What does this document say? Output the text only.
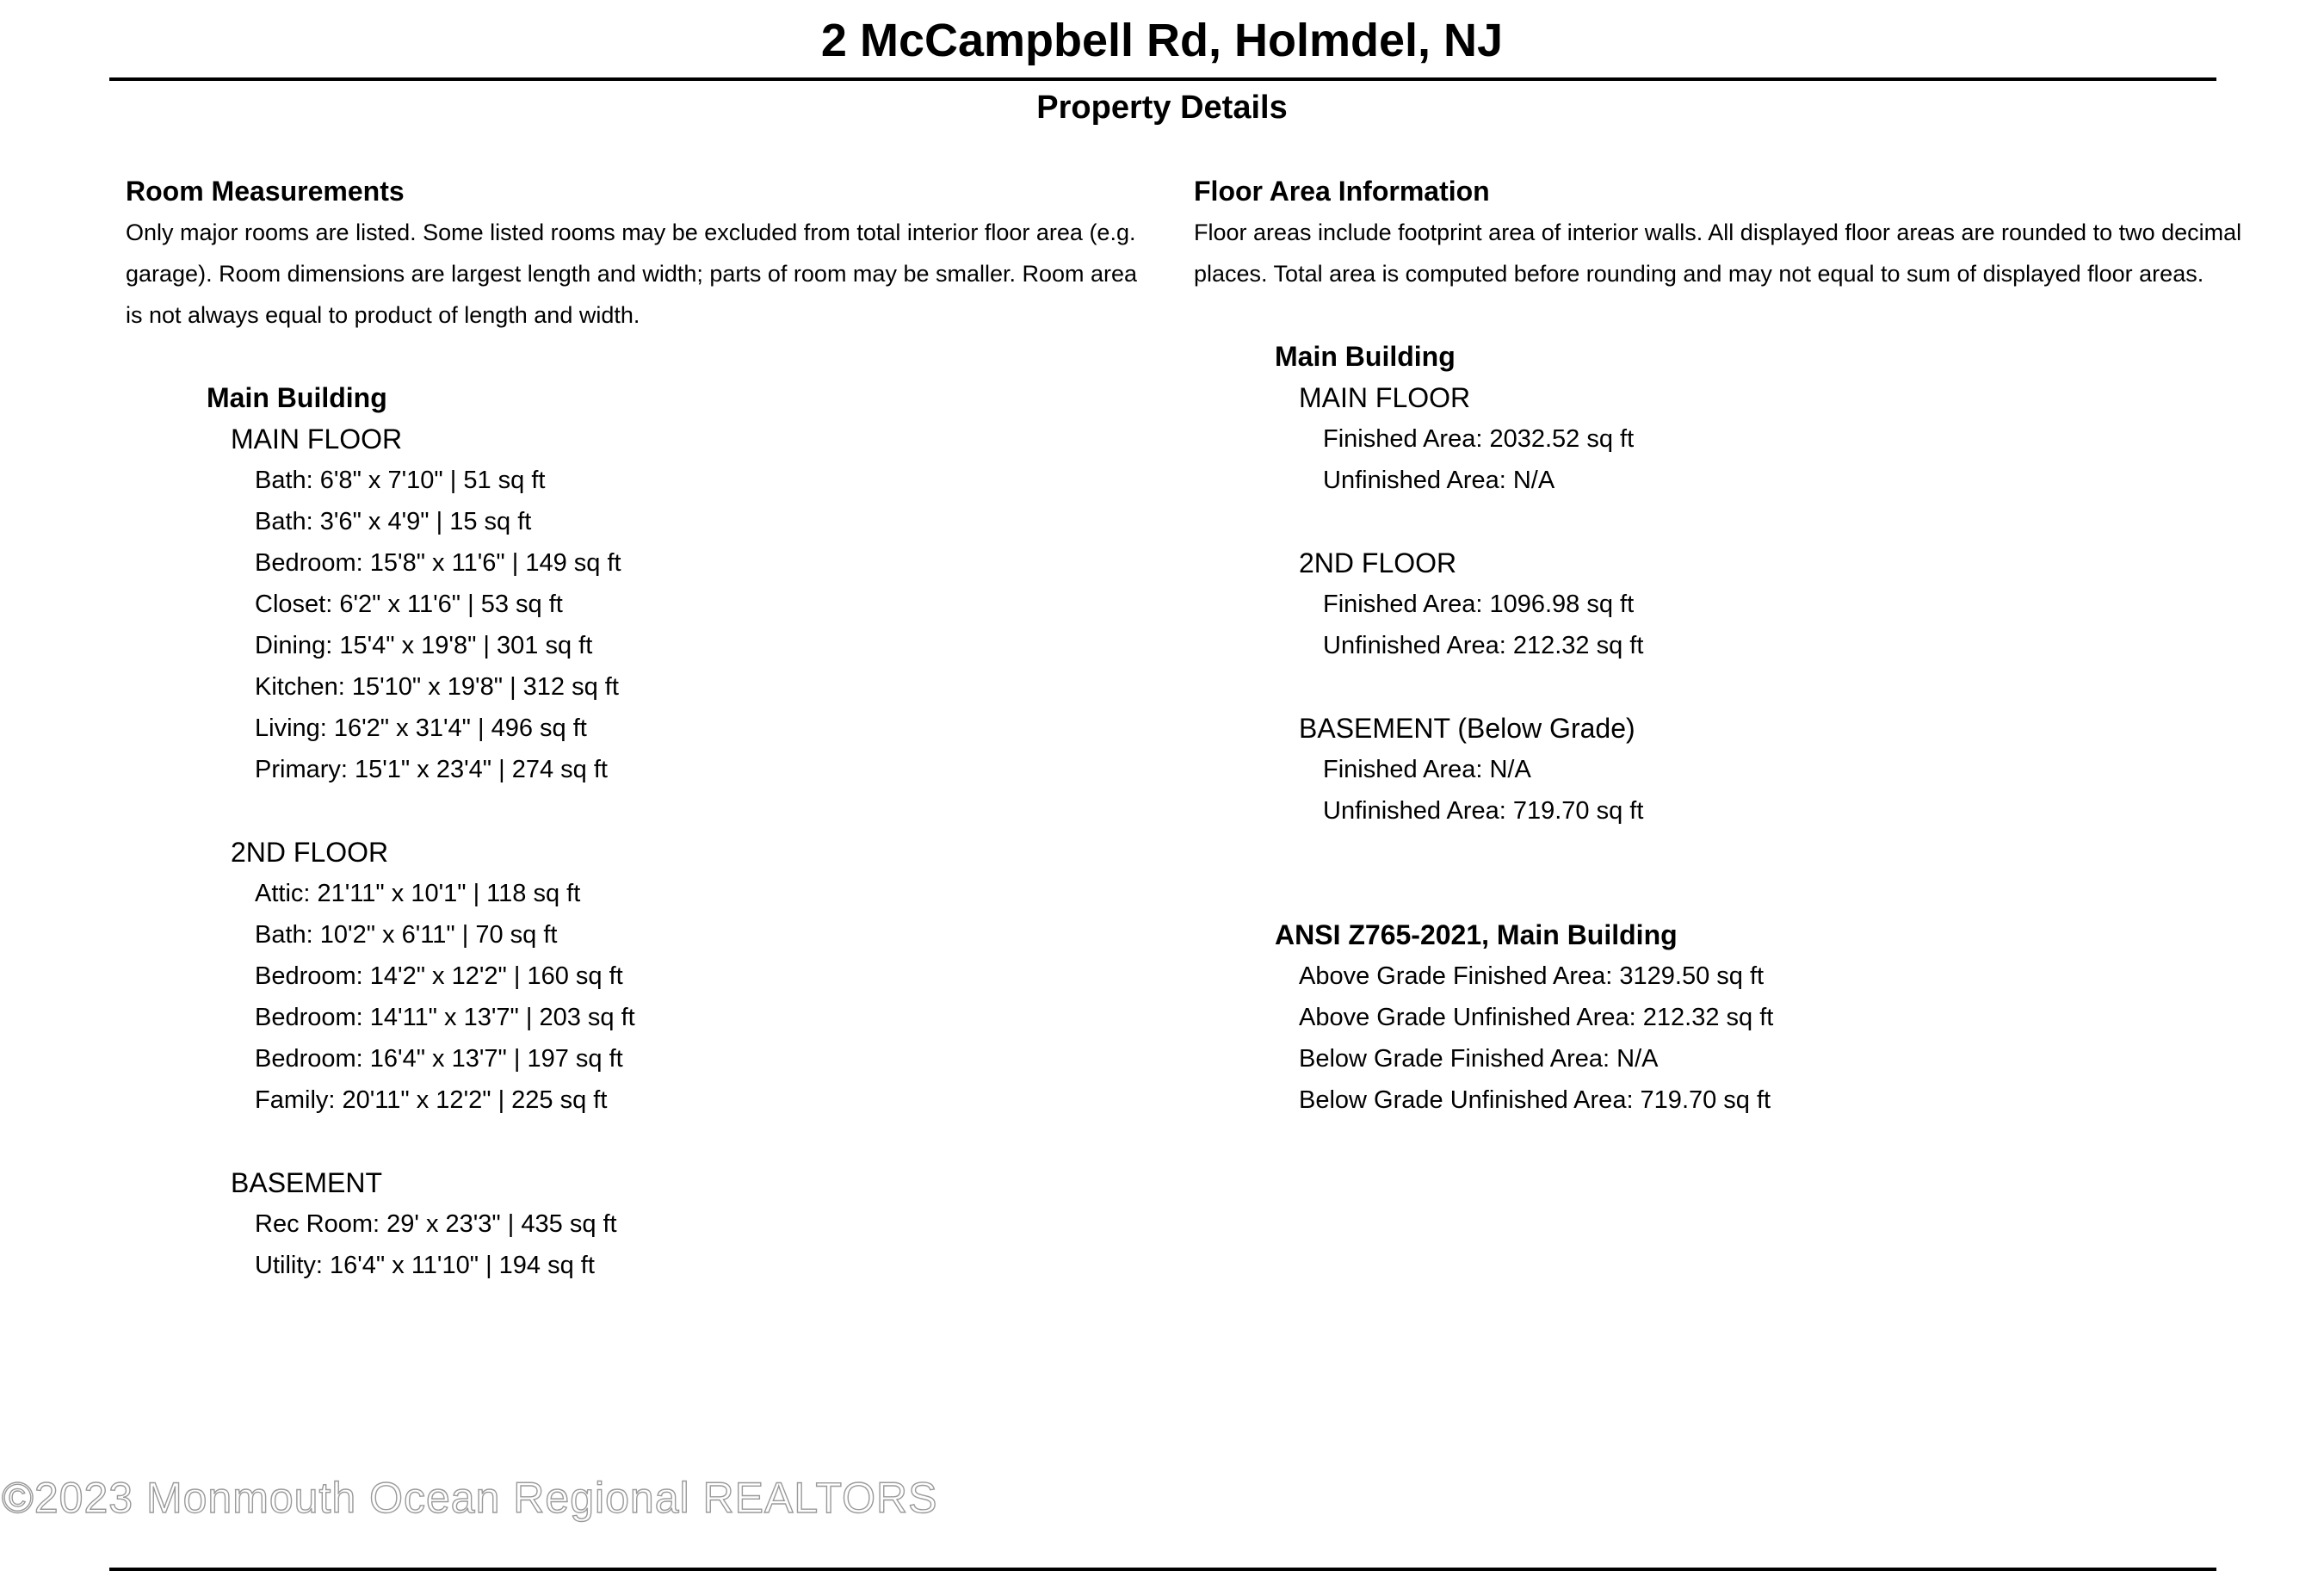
2 McCampbell Rd, Holmdel, NJ
Property Details
Room Measurements
Only major rooms are listed. Some listed rooms may be excluded from total interior floor area (e.g. garage). Room dimensions are largest length and width; parts of room may be smaller. Room area is not always equal to product of length and width.
Main Building
MAIN FLOOR
Bath: 6'8" x 7'10" | 51 sq ft
Bath: 3'6" x 4'9" | 15 sq ft
Bedroom: 15'8" x 11'6" | 149 sq ft
Closet: 6'2" x 11'6" | 53 sq ft
Dining: 15'4" x 19'8" | 301 sq ft
Kitchen: 15'10" x 19'8" | 312 sq ft
Living: 16'2" x 31'4" | 496 sq ft
Primary: 15'1" x 23'4" | 274 sq ft
2ND FLOOR
Attic: 21'11" x 10'1" | 118 sq ft
Bath: 10'2" x 6'11" | 70 sq ft
Bedroom: 14'2" x 12'2" | 160 sq ft
Bedroom: 14'11" x 13'7" | 203 sq ft
Bedroom: 16'4" x 13'7" | 197 sq ft
Family: 20'11" x 12'2" | 225 sq ft
BASEMENT
Rec Room: 29' x 23'3" | 435 sq ft
Utility: 16'4" x 11'10" | 194 sq ft
Floor Area Information
Floor areas include footprint area of interior walls. All displayed floor areas are rounded to two decimal places. Total area is computed before rounding and may not equal to sum of displayed floor areas.
Main Building
MAIN FLOOR
Finished Area: 2032.52 sq ft
Unfinished Area: N/A
2ND FLOOR
Finished Area: 1096.98 sq ft
Unfinished Area: 212.32 sq ft
BASEMENT (Below Grade)
Finished Area: N/A
Unfinished Area: 719.70 sq ft
ANSI Z765-2021, Main Building
Above Grade Finished Area: 3129.50 sq ft
Above Grade Unfinished Area: 212.32 sq ft
Below Grade Finished Area: N/A
Below Grade Unfinished Area: 719.70 sq ft
©2023 Monmouth Ocean Regional REALTORS
